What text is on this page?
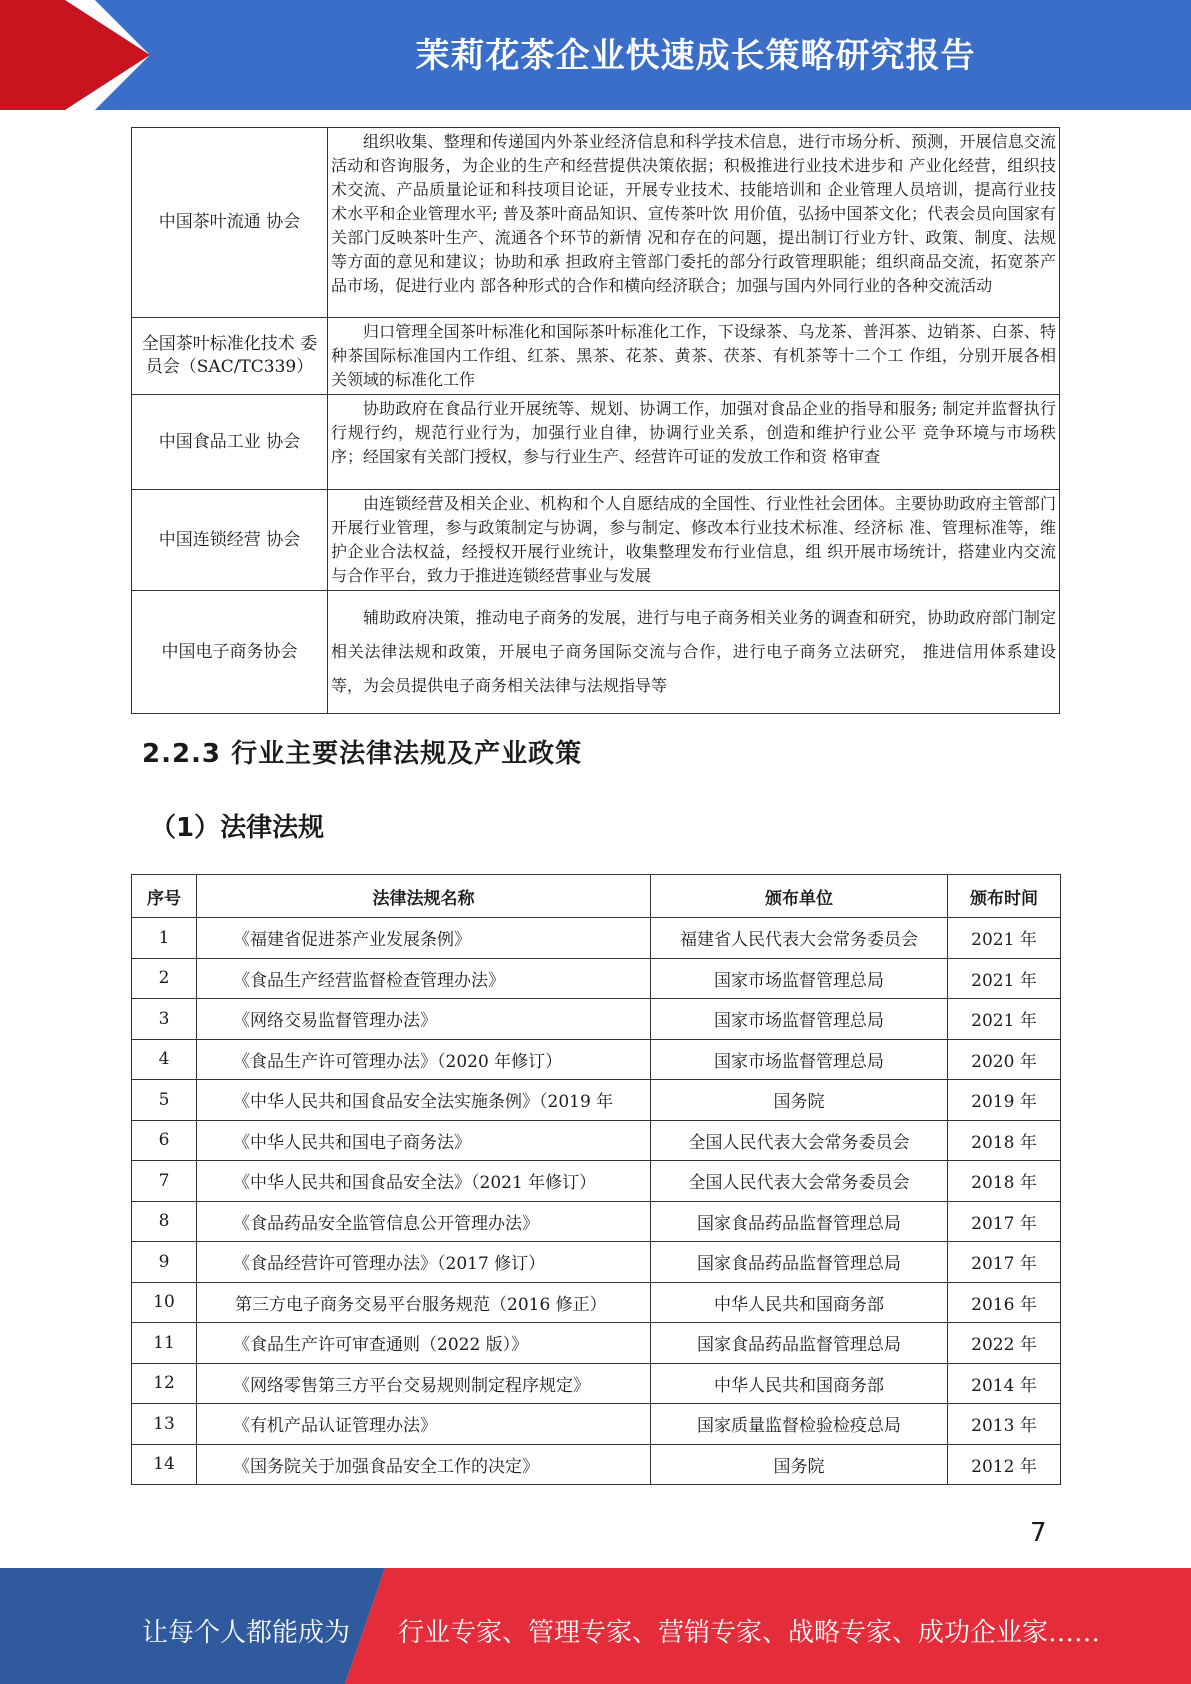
茉莉花茶企业快速成长策略研究报告
中国茶叶流通 协会	组织收集、整理和传递国内外茶业经济信息和科学技术信息，进行市场分析、预测，开展信息交流活动和咨询服务，为企业的生产和经营提供决策依据；积极推进行业技术进步和 产业化经营，组织技术交流、产品质量论证和科技项目论证，开展专业技术、技能培训和 企业管理人员培训，提高行业技术水平和企业管理水平; 普及茶叶商品知识、宣传茶叶饮 用价值，弘扬中国茶文化；代表会员向国家有关部门反映茶叶生产、流通各个环节的新情 况和存在的问题，提出制订行业方针、政策、制度、法规等方面的意见和建议；协助和承 担政府主管部门委托的部分行政管理职能；组织商品交流，拓宽茶产品市场，促进行业内 部各种形式的合作和横向经济联合；加强与国内外同行业的各种交流活动
全国茶叶标准化技术 委员会（SAC/TC339）	归口管理全国茶叶标准化和国际茶叶标准化工作，下设绿茶、乌龙茶、普洱茶、边销茶、白茶、特种茶国际标准国内工作组、红茶、黑茶、花茶、黄茶、茯茶、有机茶等十二个工 作组，分别开展各相关领域的标准化工作
中国食品工业 协会	协助政府在食品行业开展统等、规划、协调工作，加强对食品企业的指导和服务; 制定并监督执行行规行约，规范行业行为，加强行业自律，协调行业关系，创造和维护行业公平 竞争环境与市场秩序；经国家有关部门授权，参与行业生产、经营许可证的发放工作和资 格审查
中国连锁经营 协会	由连锁经营及相关企业、机构和个人自愿结成的全国性、行业性社会团体。主要协助政府主管部门开展行业管理，参与政策制定与协调，参与制定、修改本行业技术标准、经济标 准、管理标准等，维护企业合法权益，经授权开展行业统计，收集整理发布行业信息，组 织开展市场统计，搭建业内交流与合作平台，致力于推进连锁经营事业与发展
中国电子商务协会	辅助政府决策，推动电子商务的发展，进行与电子商务相关业务的调查和研究，协助政府部门制定相关法律法规和政策，开展电子商务国际交流与合作，进行电子商务立法研究， 推进信用体系建设等，为会员提供电子商务相关法律与法规指导等
2.2.3 行业主要法律法规及产业政策
（1）法律法规
序号	法律法规名称	颁布单位	颁布时间
1	《福建省促进茶产业发展条例》	福建省人民代表大会常务委员会	2021 年
2	《食品生产经营监督检查管理办法》	国家市场监督管理总局	2021 年
3	《网络交易监督管理办法》	国家市场监督管理总局	2021 年
4	《食品生产许可管理办法》（2020 年修订）	国家市场监督管理总局	2020 年
5	《中华人民共和国食品安全法实施条例》（2019 年	国务院	2019 年
6	《中华人民共和国电子商务法》	全国人民代表大会常务委员会	2018 年
7	《中华人民共和国食品安全法》（2021 年修订）	全国人民代表大会常务委员会	2018 年
8	《食品药品安全监管信息公开管理办法》	国家食品药品监督管理总局	2017 年
9	《食品经营许可管理办法》（2017 修订）	国家食品药品监督管理总局	2017 年
10	第三方电子商务交易平台服务规范（2016 修正）	中华人民共和国商务部	2016 年
11	《食品生产许可审查通则（2022 版）》	国家食品药品监督管理总局	2022 年
12	《网络零售第三方平台交易规则制定程序规定》	中华人民共和国商务部	2014 年
13	《有机产品认证管理办法》	国家质量监督检验检疫总局	2013 年
14	《国务院关于加强食品安全工作的决定》	国务院	2012 年
7
让每个人都能成为 行业专家、管理专家、营销专家、战略专家、成功企业家……
